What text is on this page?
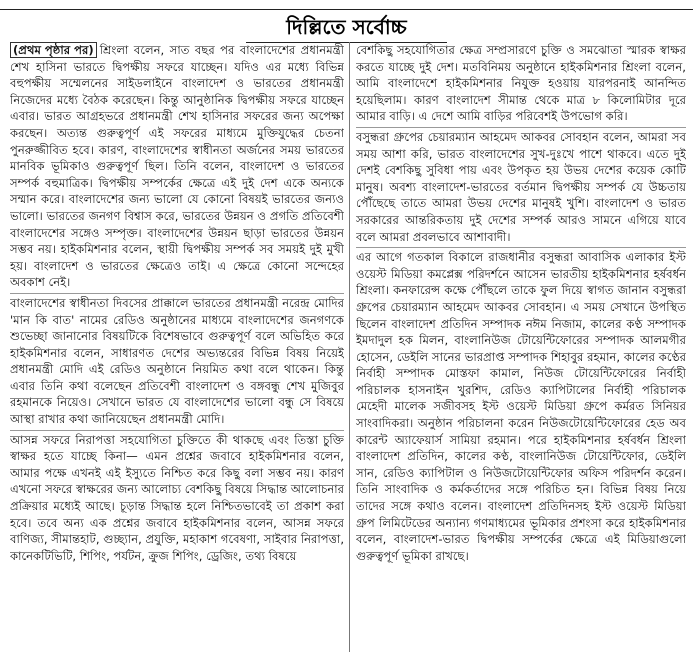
দিল্লিতে সর্বোচ্চ

(প্রথম পৃষ্ঠার পর) শ্রিংলা বলেন, সাত বছর পর বাংলাদেশের প্রধানমন্ত্রী শেখ হাসিনা ভারতে দ্বিপক্ষীয় সফরে যাচ্ছেন। যদিও এর মধ্যে বিভিন্ন বহুপক্ষীয় সম্মেলনের সাইডলাইনে বাংলাদেশ ও ভারতের প্রধানমন্ত্রী নিজেদের মধ্যে বৈঠক করেছেন। কিন্তু আনুষ্ঠানিক দ্বিপক্ষীয় সফরে যাচ্ছেন এবার। ভারত আগ্রহভরে প্রধানমন্ত্রী শেখ হাসিনার সফরের জন্য অপেক্ষা করছেন। অত্যন্ত গুরুত্বপূর্ণ এই সফরের মাধ্যমে মুক্তিযুদ্ধের চেতনা পুনরুজ্জীবিত হবে। কারণ, বাংলাদেশের স্বাধীনতা অর্জনের সময় ভারতের মানবিক ভূমিকাও গুরুত্বপূর্ণ ছিল। তিনি বলেন, বাংলাদেশ ও ভারতের সম্পর্ক বহুমাত্রিক। দ্বিপক্ষীয় সম্পর্কের ক্ষেত্রে এই দুই দেশ একে অন্যকে সম্মান করে। বাংলাদেশের জন্য ভালো যে কোনো বিষয়ই ভারতের জন্যও ভালো। ভারতের জনগণ বিশ্বাস করে, ভারতের উন্নয়ন ও প্রগতি প্রতিবেশী বাংলাদেশের সঙ্গেও সম্পৃক্ত। বাংলাদেশের উন্নয়ন ছাড়া ভারতের উন্নয়ন সম্ভব নয়। হাইকমিশনার বলেন, স্থায়ী দ্বিপক্ষীয় সম্পর্ক সব সময়ই দুই মুখী হয়। বাংলাদেশ ও ভারতের ক্ষেত্রেও তাই। এ ক্ষেত্রে কোনো সন্দেহের অবকাশ নেই।

বাংলাদেশের স্বাধীনতা দিবসের প্রাক্কালে ভারতের প্রধানমন্ত্রী নরেন্দ্র মোদির 'মান কি বাত' নামের রেডিও অনুষ্ঠানের মাধ্যমে বাংলাদেশের জনগণকে শুভেচ্ছা জানানোর বিষয়টিকে বিশেষভাবে গুরুত্বপূর্ণ বলে অভিহিত করে হাইকমিশনার বলেন, সাধারণত দেশের অভ্যন্তরের বিভিন্ন বিষয় নিয়েই প্রধানমন্ত্রী মোদি এই রেডিও অনুষ্ঠানে নিয়মিত কথা বলে থাকেন। কিন্তু এবার তিনি কথা বলেছেন প্রতিবেশী বাংলাদেশ ও বঙ্গবন্ধু শেখ মুজিবুর রহমানকে নিয়েও। সেখানে ভারত যে বাংলাদেশের ভালো বন্ধু সে বিষয়ে আস্থা রাখার কথা জানিয়েছেন প্রধানমন্ত্রী মোদি।

আসন্ন সফরে নিরাপত্তা সহযোগিতা চুক্তিতে কী থাকছে এবং তিস্তা চুক্তি স্বাক্ষর হতে যাচ্ছে কিনা— এমন প্রশ্নের জবাবে হাইকমিশনার বলেন, আমার পক্ষে এখনই এই ইস্যুতে নিশ্চিত করে কিছু বলা সম্ভব নয়। কারণ এখনো সফরে স্বাক্ষরের জন্য আলোচ্য বেশকিছু বিষয়ে সিদ্ধান্ত আলোচনার প্রক্রিয়ার মধ্যেই আছে। চূড়ান্ত সিদ্ধান্ত হলে নিশ্চিতভাবেই তা প্রকাশ করা হবে। তবে অন্য এক প্রশ্নের জবাবে হাইকমিশনার বলেন, আসন্ন সফরে বাণিজ্য, সীমান্তহাট, গুচ্ছ্যান, প্রযুক্তি, মহাকাশ গবেষণা, সাইবার নিরাপত্তা, কানেকটিভিটি, শিপিং, পর্যটন, ক্রুজ শিপিং, ড্রেজিং, তথ্য বিষয়ে

বেশকিছু সহযোগিতার ক্ষেত্র সম্প্রসারণে চুক্তি ও সমঝোতা স্মারক স্বাক্ষর করতে যাচ্ছে দুই দেশ। মতবিনিময় অনুষ্ঠানে হাইকমিশনার শ্রিংলা বলেন, আমি বাংলাদেশে হাইকমিশনার নিযুক্ত হওয়ায় যারপরনাই আনন্দিত হয়েছিলাম। কারণ বাংলাদেশ সীমান্ত থেকে মাত্র ৮ কিলোমিটার দূরে আমার বাড়ি। এ দেশে আমি বাড়ির পরিবেশই উপভোগ করি।

বসুন্ধরা গ্রুপের চেয়ারম্যান আহমেদ আকবর সোবহান বলেন, আমরা সব সময় আশা করি, ভারত বাংলাদেশের সুখ-দুঃখে পাশে থাকবে। এতে দুই দেশই বেশকিছু সুবিধা পায় এবং উপকৃত হয় উভয় দেশের কয়েক কোটি মানুষ। অবশ্য বাংলাদেশ-ভারতের বর্তমান দ্বিপক্ষীয় সম্পর্ক যে উচ্চতায় পৌঁছেছে তাতে আমরা উভয় দেশের মানুষই খুশি। বাংলাদেশ ও ভারত সরকারের আন্তরিকতায় দুই দেশের সম্পর্ক আরও সামনে এগিয়ে যাবে বলে আমরা প্রবলভাবে আশাবাদী।

এর আগে গতকাল বিকালে রাজধানীর বসুন্ধরা আবাসিক এলাকার ইস্ট ওয়েস্ট মিডিয়া কমপ্লেক্স পরিদর্শনে আসেন ভারতীয় হাইকমিশনার হর্ষবর্ধন শ্রিংলা। কনফারেন্স কক্ষে পৌঁছলে তাকে ফুল দিয়ে স্বাগত জানান বসুন্ধরা গ্রুপের চেয়ারম্যান আহমেদ আকবর সোবহান। এ সময় সেখানে উপস্থিত ছিলেন বাংলাদেশ প্রতিদিন সম্পাদক নঈম নিজাম, কালের কণ্ঠ সম্পাদক ইমদাদুল হক মিলন, বাংলানিউজ টোয়েন্টিফোরের সম্পাদক আলমগীর হোসেন, ডেইলি সানের ভারপ্রাপ্ত সম্পাদক শিহাবুর রহমান, কালের কণ্ঠের নির্বাহী সম্পাদক মোস্তফা কামাল, নিউজ টোয়েন্টিফোরের নির্বাহী পরিচালক হাসনাইন খুরশিদ, রেডিও ক্যাপিটালের নির্বাহী পরিচালক মেহেদী মালেক সজীবসহ ইস্ট ওয়েস্ট মিডিয়া গ্রুপে কর্মরত সিনিয়র সাংবাদিকরা। অনুষ্ঠান পরিচালনা করেন নিউজটোয়েন্টিফোরের হেড অব কারেন্ট অ্যাফেয়ার্স সামিয়া রহমান। পরে হাইকমিশনার হর্ষবর্ধন শ্রিংলা বাংলাদেশ প্রতিদিন, কালের কণ্ঠ, বাংলানিউজ টোয়েন্টিফোর, ডেইলি সান, রেডিও ক্যাপিটাল ও নিউজটোয়েন্টিফোর অফিস পরিদর্শন করেন। তিনি সাংবাদিক ও কর্মকর্তাদের সঙ্গে পরিচিত হন। বিভিন্ন বিষয় নিয়ে তাদের সঙ্গে কথাও বলেন। বাংলাদেশ প্রতিদিনসহ ইস্ট ওয়েস্ট মিডিয়া গ্রুপ লিমিটেডের অন্যান্য গণমাধ্যমের ভূমিকার প্রশংসা করে হাইকমিশনার বলেন, বাংলাদেশ-ভারত দ্বিপক্ষীয় সম্পর্কের ক্ষেত্রে এই মিডিয়াগুলো গুরুত্বপূর্ণ ভূমিকা রাখছে।
